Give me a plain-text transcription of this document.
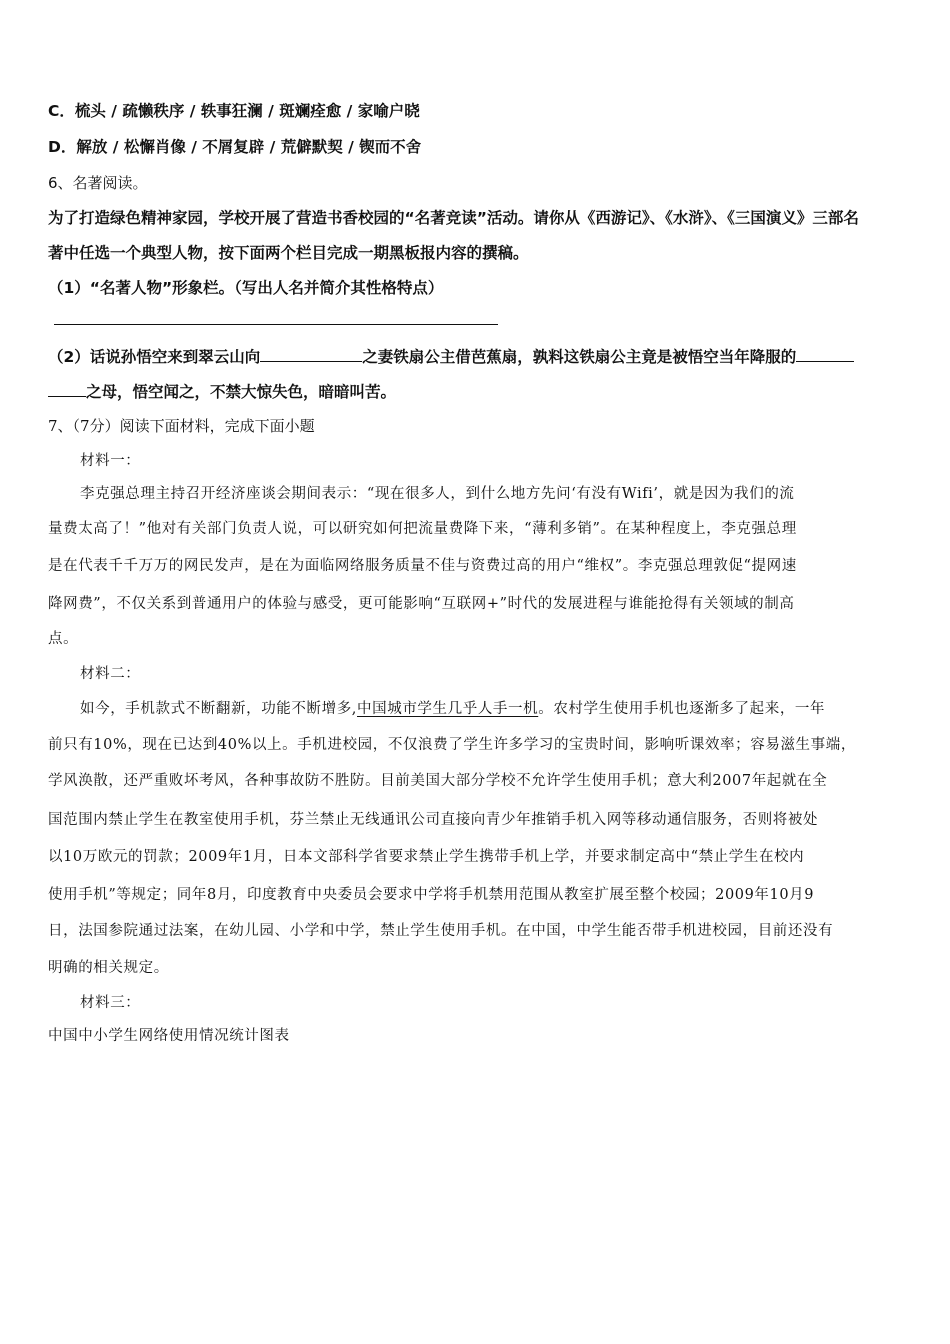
C．梳头 / 疏懒秩序 / 轶事狂澜 / 斑斓痊愈 / 家喻户晓
D．解放 / 松懈肖像 / 不屑复辟 / 荒僻默契 / 锲而不舍
6、名著阅读。
为了打造绿色精神家园，学校开展了营造书香校园的“名著竞读”活动。请你从《西游记》、《水浒》、《三国演义》三部名
著中任选一个典型人物，按下面两个栏目完成一期黑板报内容的撰稿。
（1）“名著人物”形象栏。（写出人名并简介其性格特点）
（2）话说孙悟空来到翠云山向	之妻铁扇公主借芭蕉扇，孰料这铁扇公主竟是被悟空当年降服的
之母，悟空闻之，不禁大惊失色，暗暗叫苦。
7、（7分）阅读下面材料，完成下面小题
材料一：
李克强总理主持召开经济座谈会期间表示：“现在很多人，到什么地方先问‘有没有Wifi’，就是因为我们的流
量费太高了！”他对有关部门负责人说，可以研究如何把流量费降下来，“薄利多销”。在某种程度上，李克强总理
是在代表千千万万的网民发声，是在为面临网络服务质量不佳与资费过高的用户“维权”。李克强总理敦促“提网速
降网费”，不仅关系到普通用户的体验与感受，更可能影响“互联网+”时代的发展进程与谁能抢得有关领域的制高
点。
材料二：
如今，手机款式不断翻新，功能不断增多,中国城市学生几乎人手一机。农村学生使用手机也逐渐多了起来，一年
前只有10%，现在已达到40%以上。手机进校园，不仅浪费了学生许多学习的宝贵时间，影响听课效率；容易滋生事端，
学风涣散，还严重败坏考风，各种事故防不胜防。目前美国大部分学校不允许学生使用手机；意大利2007年起就在全
国范围内禁止学生在教室使用手机，芬兰禁止无线通讯公司直接向青少年推销手机入网等移动通信服务，否则将被处
以10万欧元的罚款；2009年1月，日本文部科学省要求禁止学生携带手机上学，并要求制定高中“禁止学生在校内
使用手机”等规定；同年8月，印度教育中央委员会要求中学将手机禁用范围从教室扩展至整个校园；2009年10月9
日，法国参院通过法案，在幼儿园、小学和中学，禁止学生使用手机。在中国，中学生能否带手机进校园，目前还没有
明确的相关规定。
材料三：
中国中小学生网络使用情况统计图表
